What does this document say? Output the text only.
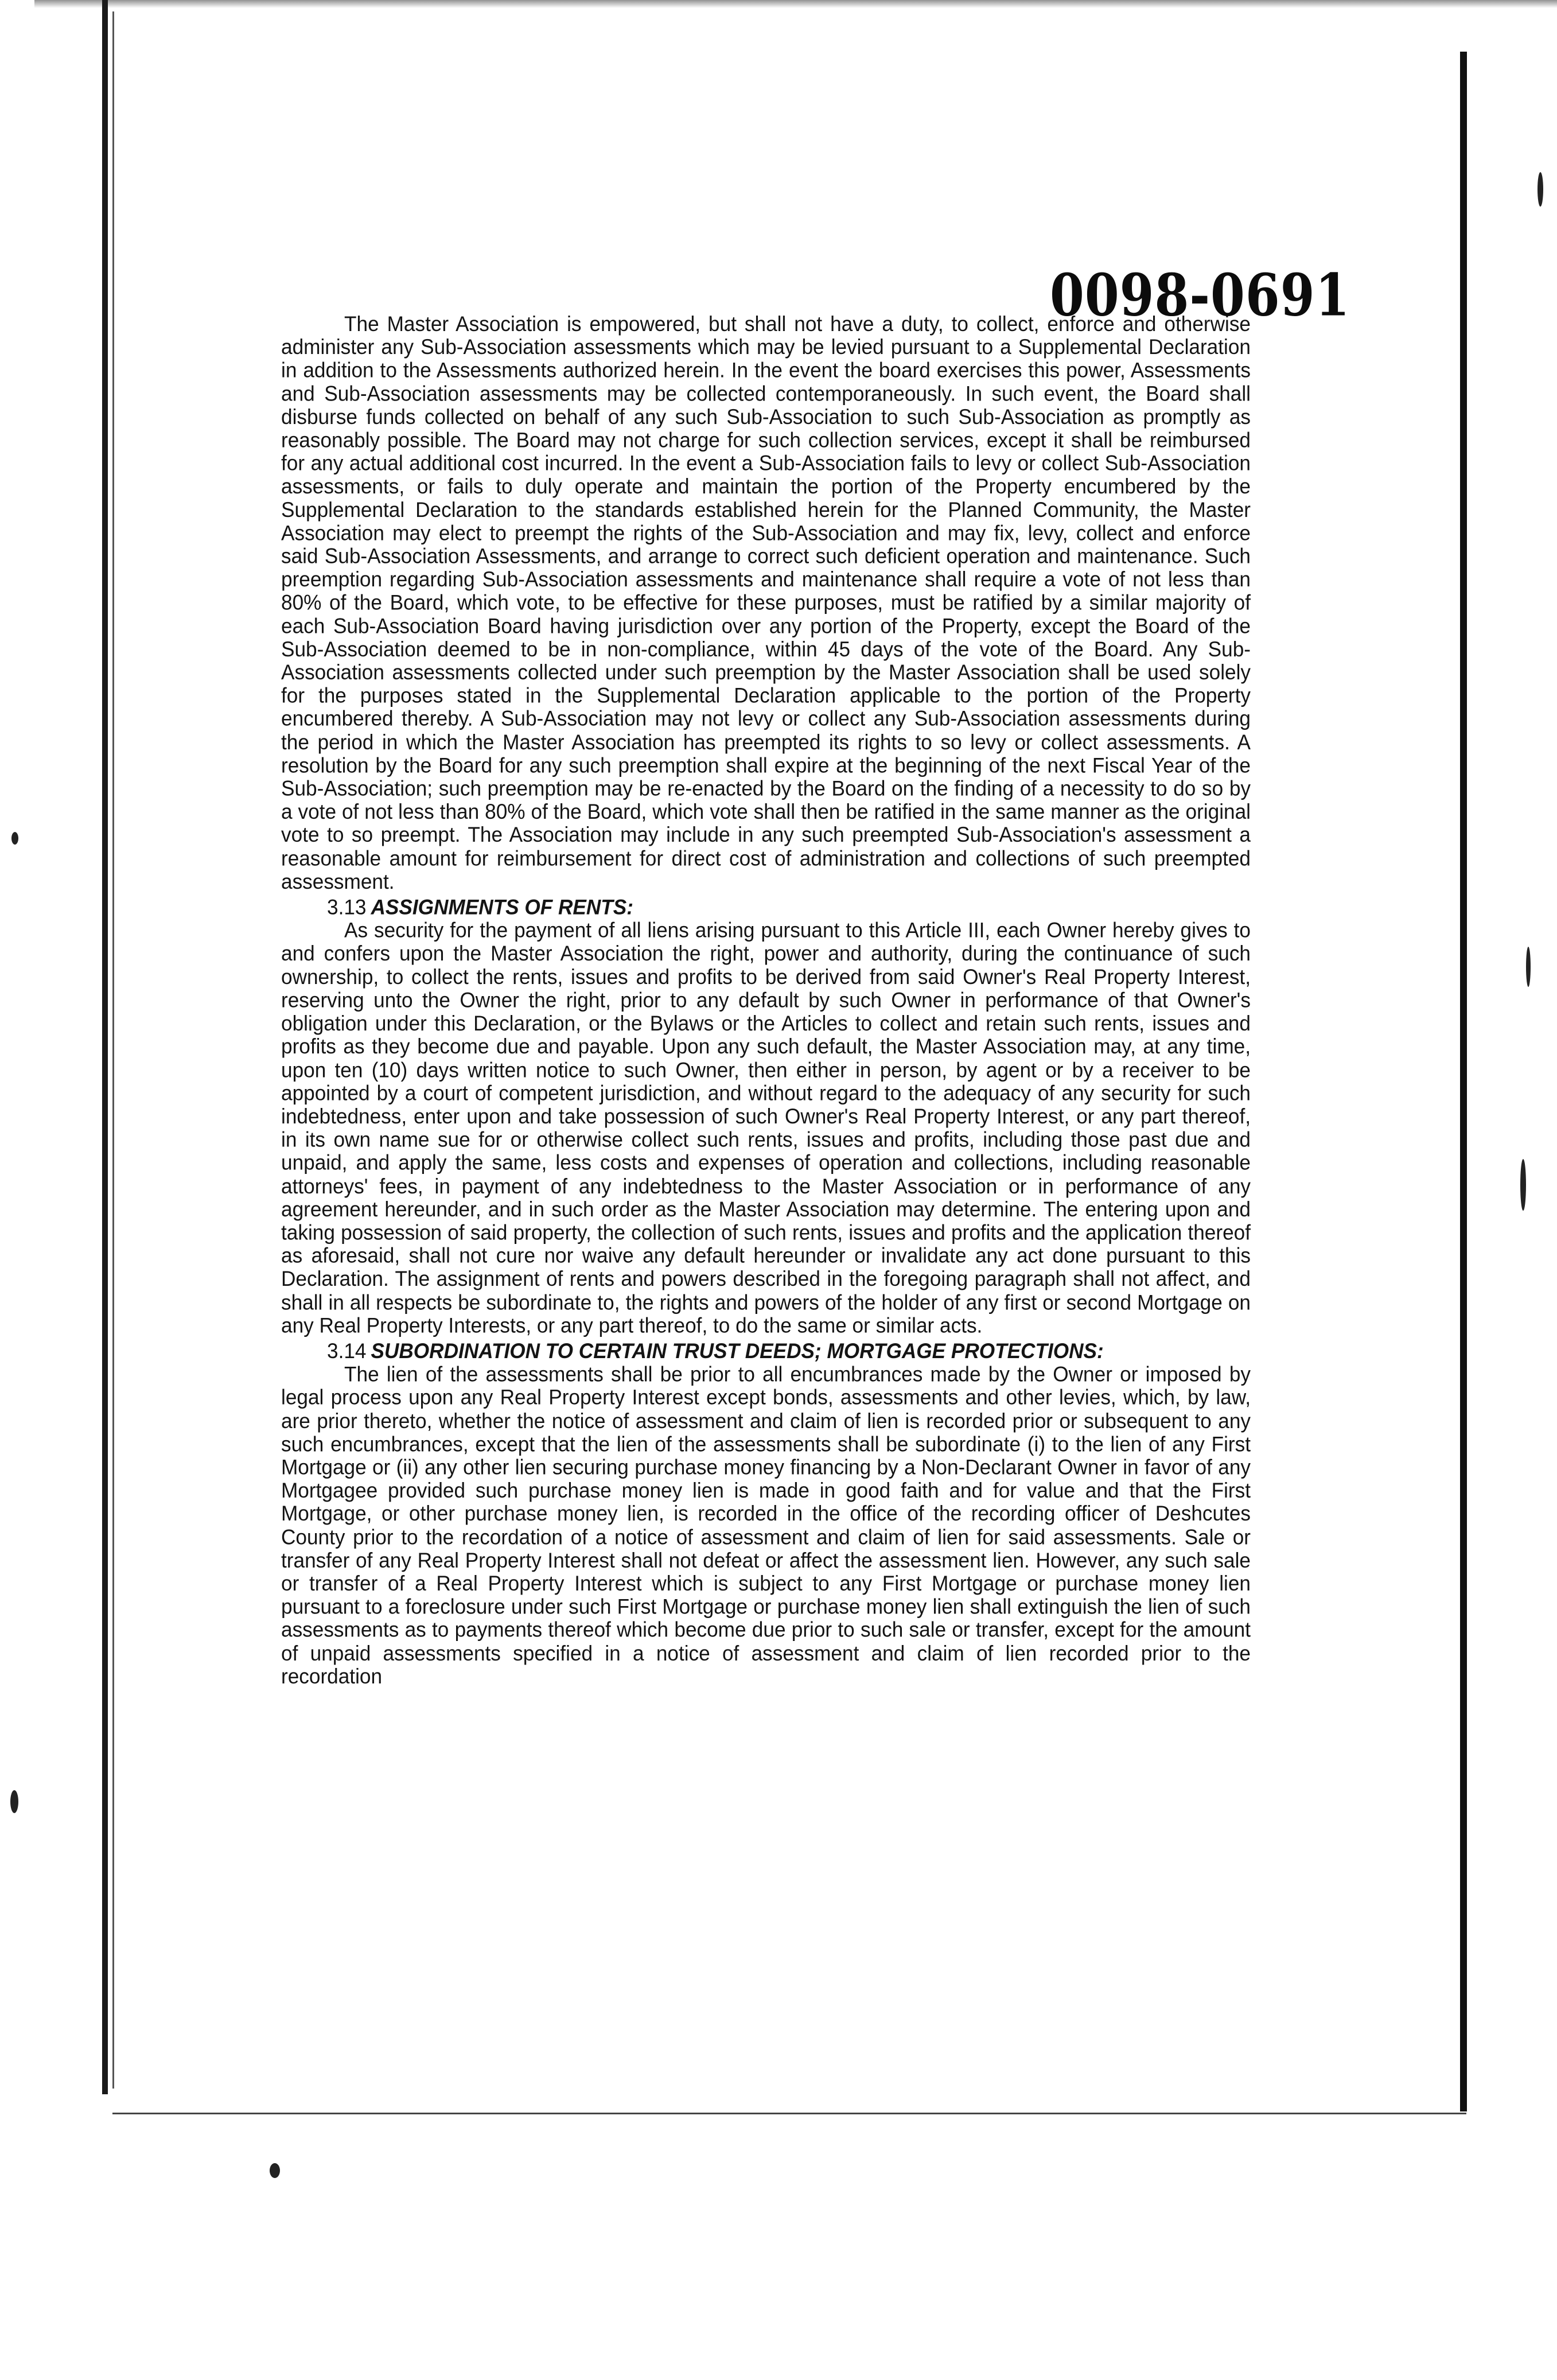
0098-0691

The Master Association is empowered, but shall not have a duty, to collect, enforce and otherwise administer any Sub-Association assessments which may be levied pursuant to a Supplemental Declaration in addition to the Assessments authorized herein. In the event the board exercises this power, Assessments and Sub-Association assessments may be collected contemporaneously. In such event, the Board shall disburse funds collected on behalf of any such Sub-Association to such Sub-Association as promptly as reasonably possible. The Board may not charge for such collection services, except it shall be reimbursed for any actual additional cost incurred. In the event a Sub-Association fails to levy or collect Sub-Association assessments, or fails to duly operate and maintain the portion of the Property encumbered by the Supplemental Declaration to the standards established herein for the Planned Community, the Master Association may elect to preempt the rights of the Sub-Association and may fix, levy, collect and enforce said Sub-Association Assessments, and arrange to correct such deficient operation and maintenance. Such preemption regarding Sub-Association assessments and maintenance shall require a vote of not less than 80% of the Board, which vote, to be effective for these purposes, must be ratified by a similar majority of each Sub-Association Board having jurisdiction over any portion of the Property, except the Board of the Sub-Association deemed to be in non-compliance, within 45 days of the vote of the Board. Any Sub-Association assessments collected under such preemption by the Master Association shall be used solely for the purposes stated in the Supplemental Declaration applicable to the portion of the Property encumbered thereby. A Sub-Association may not levy or collect any Sub-Association assessments during the period in which the Master Association has preempted its rights to so levy or collect assessments. A resolution by the Board for any such preemption shall expire at the beginning of the next Fiscal Year of the Sub-Association; such preemption may be re-enacted by the Board on the finding of a necessity to do so by a vote of not less than 80% of the Board, which vote shall then be ratified in the same manner as the original vote to so preempt. The Association may include in any such preempted Sub-Association's assessment a reasonable amount for reimbursement for direct cost of administration and collections of such preempted assessment.

3.13 ASSIGNMENTS OF RENTS:

As security for the payment of all liens arising pursuant to this Article III, each Owner hereby gives to and confers upon the Master Association the right, power and authority, during the continuance of such ownership, to collect the rents, issues and profits to be derived from said Owner's Real Property Interest, reserving unto the Owner the right, prior to any default by such Owner in performance of that Owner's obligation under this Declaration, or the Bylaws or the Articles to collect and retain such rents, issues and profits as they become due and payable. Upon any such default, the Master Association may, at any time, upon ten (10) days written notice to such Owner, then either in person, by agent or by a receiver to be appointed by a court of competent jurisdiction, and without regard to the adequacy of any security for such indebtedness, enter upon and take possession of such Owner's Real Property Interest, or any part thereof, in its own name sue for or otherwise collect such rents, issues and profits, including those past due and unpaid, and apply the same, less costs and expenses of operation and collections, including reasonable attorneys' fees, in payment of any indebtedness to the Master Association or in performance of any agreement hereunder, and in such order as the Master Association may determine. The entering upon and taking possession of said property, the collection of such rents, issues and profits and the application thereof as aforesaid, shall not cure nor waive any default hereunder or invalidate any act done pursuant to this Declaration. The assignment of rents and powers described in the foregoing paragraph shall not affect, and shall in all respects be subordinate to, the rights and powers of the holder of any first or second Mortgage on any Real Property Interests, or any part thereof, to do the same or similar acts.

3.14 SUBORDINATION TO CERTAIN TRUST DEEDS; MORTGAGE PROTECTIONS:

The lien of the assessments shall be prior to all encumbrances made by the Owner or imposed by legal process upon any Real Property Interest except bonds, assessments and other levies, which, by law, are prior thereto, whether the notice of assessment and claim of lien is recorded prior or subsequent to any such encumbrances, except that the lien of the assessments shall be subordinate (i) to the lien of any First Mortgage or (ii) any other lien securing purchase money financing by a Non-Declarant Owner in favor of any Mortgagee provided such purchase money lien is made in good faith and for value and that the First Mortgage, or other purchase money lien, is recorded in the office of the recording officer of Deshcutes County prior to the recordation of a notice of assessment and claim of lien for said assessments. Sale or transfer of any Real Property Interest shall not defeat or affect the assessment lien. However, any such sale or transfer of a Real Property Interest which is subject to any First Mortgage or purchase money lien pursuant to a foreclosure under such First Mortgage or purchase money lien shall extinguish the lien of such assessments as to payments thereof which become due prior to such sale or transfer, except for the amount of unpaid assessments specified in a notice of assessment and claim of lien recorded prior to the recordation
